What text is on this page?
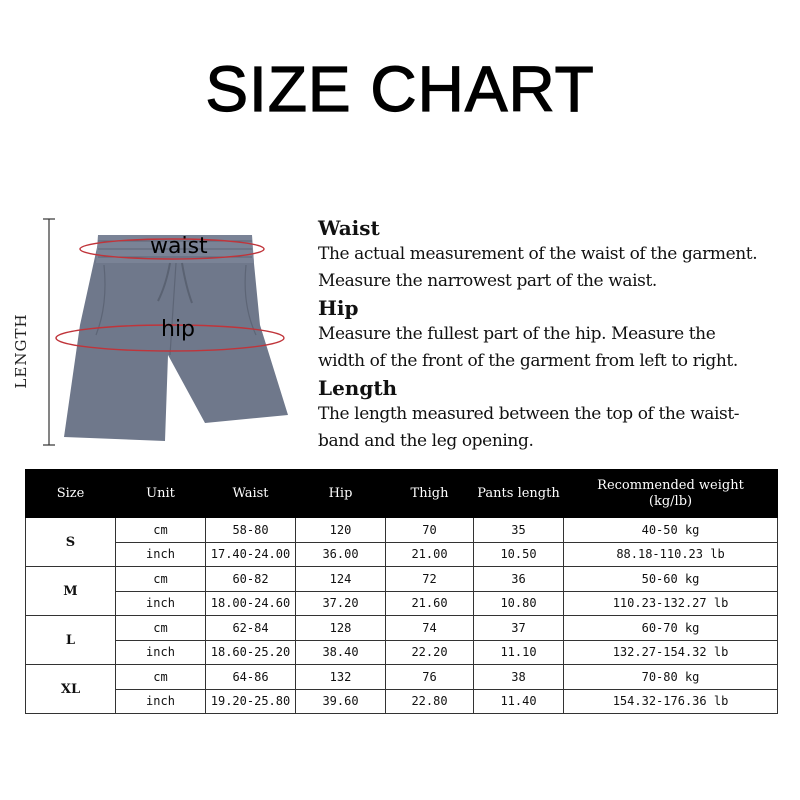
SIZE CHART
LENGTH
waist
hip

Waist

The actual measurement of the waist of the garment.

Measure the narrowest part of the waist.

Hip

Measure the fullest part of the hip. Measure the

width of the front of the garment from left to right.

Length

The length measured between the top of the waist-

band and the leg opening.

Size	Unit	Waist	Hip	Thigh	Pants length	Recommended weight
(kg/lb)
S	cm	58-80	120	70	35	40-50 kg
	inch	17.40-24.00	36.00	21.00	10.50	88.18-110.23 lb
M	cm	60-82	124	72	36	50-60 kg
	inch	18.00-24.60	37.20	21.60	10.80	110.23-132.27 lb
L	cm	62-84	128	74	37	60-70 kg
	inch	18.60-25.20	38.40	22.20	11.10	132.27-154.32 lb
XL	cm	64-86	132	76	38	70-80 kg
	inch	19.20-25.80	39.60	22.80	11.40	154.32-176.36 lb
